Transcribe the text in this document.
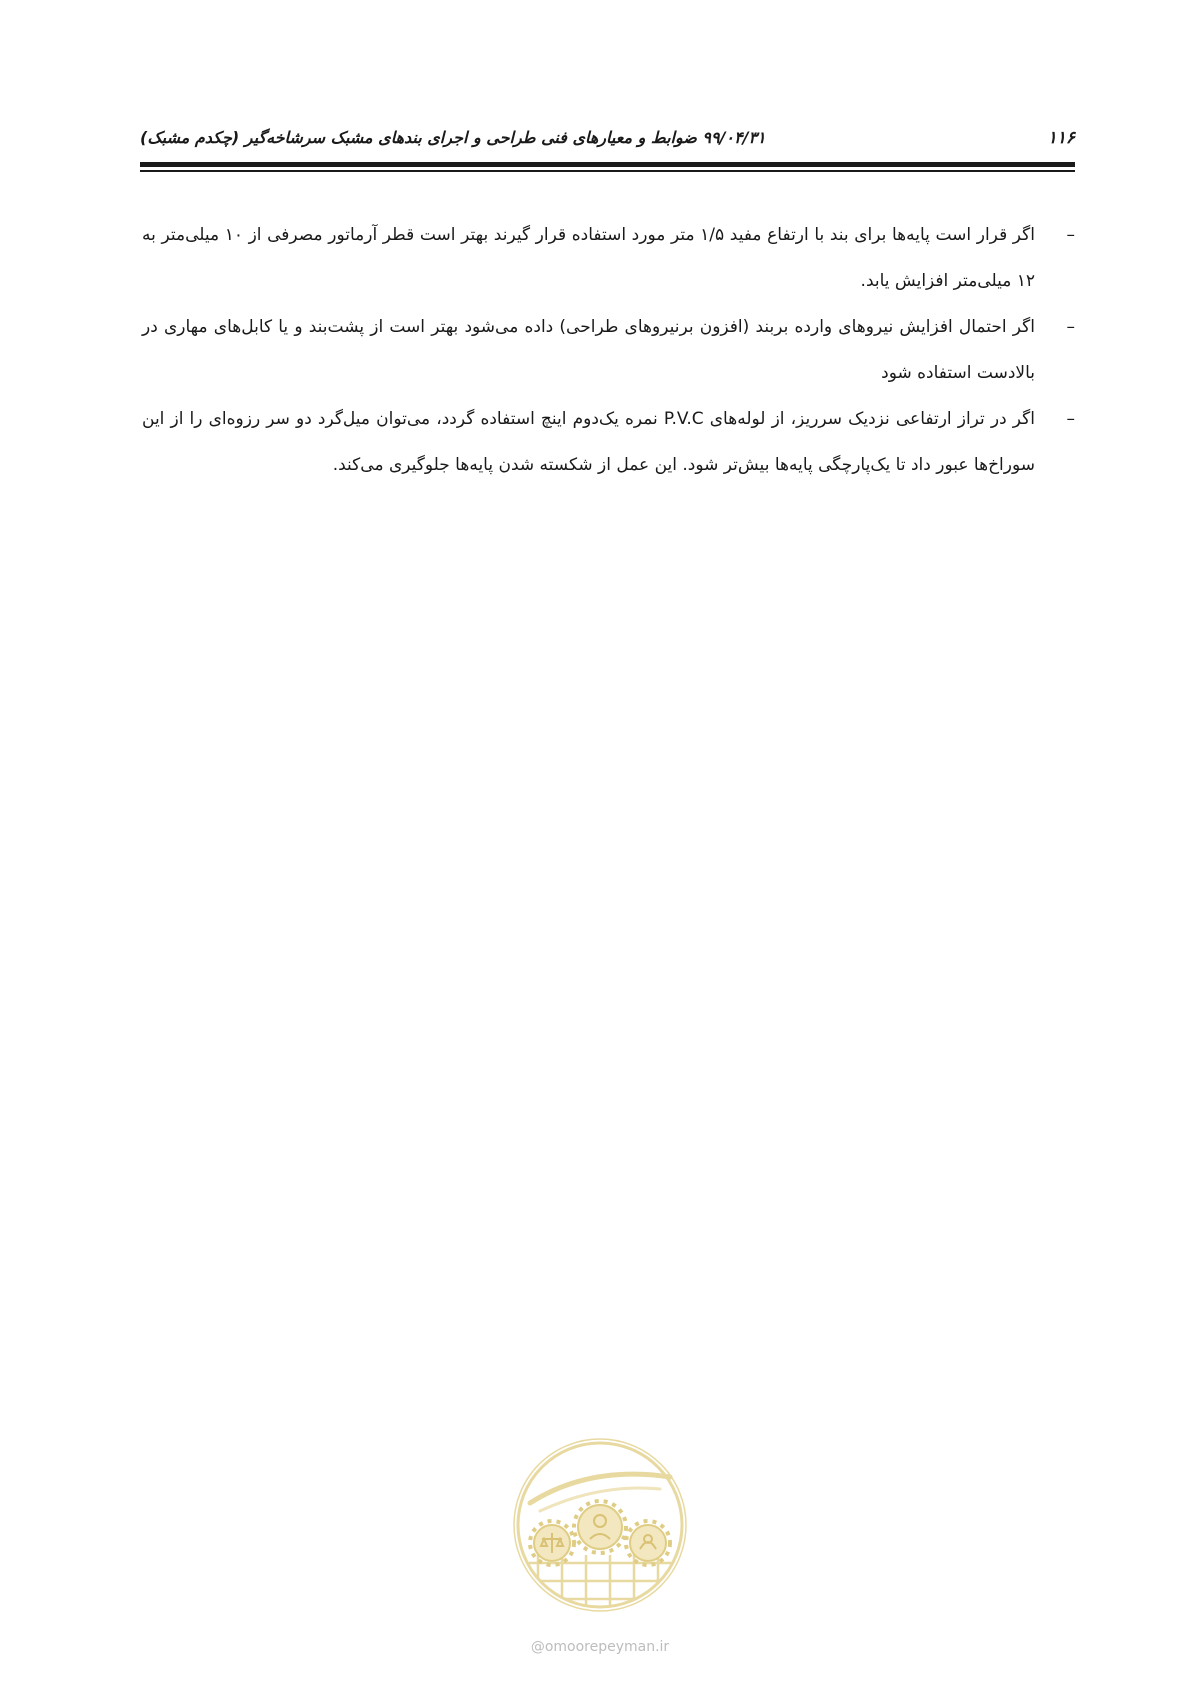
۱۱۶
۹۹/۰۴/۳۱ ضوابط و معیارهای فنی طراحی و اجرای بندهای مشبک سرشاخه‌گیر (چکدم مشبک)
–
اگر قرار است پایه‌ها برای بند با ارتفاع مفید ۱/۵ متر مورد استفاده قرار گیرند بهتر است قطر آرماتور مصرفی از ۱۰ میلی‌متر به ۱۲ میلی‌متر افزایش یابد.
–
اگر احتمال افزایش نیروهای وارده بربند (افزون برنیروهای طراحی) داده می‌شود بهتر است از پشت‌بند و یا کابل‌های مهاری در بالادست استفاده شود
–
اگر در تراز ارتفاعی نزدیک سرریز، از لوله‌های P.V.C نمره یک‌دوم اینچ استفاده گردد، می‌توان میل‌گرد دو سر رزوه‌ای را از این سوراخ‌ها عبور داد تا یک‌پارچگی پایه‌ها بیش‌تر شود. این عمل از شکسته شدن پایه‌ها جلوگیری می‌کند.
@omoorepeyman.ir
